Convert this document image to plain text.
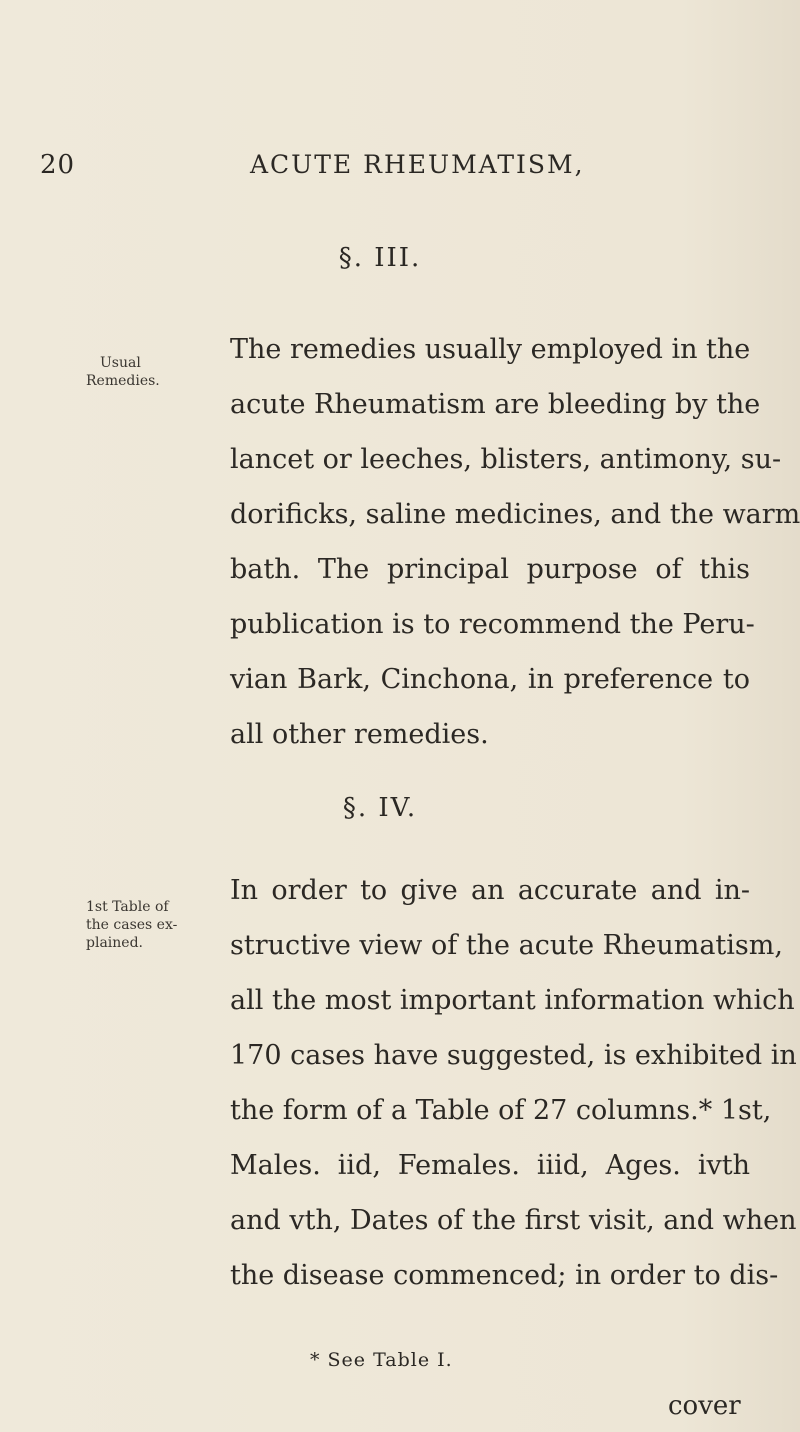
20	ACUTE RHEUMATISM,
§. III.
Usual
Remedies.

The remedies usually employed in the
acute Rheumatism are bleeding by the
lancet or leeches, blisters, antimony, su-
dorificks, saline medicines, and the warm
bath. The principal purpose of this
publication is to recommend the Peru-
vian Bark, Cinchona, in preference to
all other remedies.

§. IV.
1st Table of
the cases ex-
plained.

In order to give an accurate and in-
structive view of the acute Rheumatism,
all the most important information which
170 cases have suggested, is exhibited in
the form of a Table of 27 columns.* 1st,
Males. iid, Females. iiid, Ages. ivth
and vth, Dates of the first visit, and when
the disease commenced; in order to dis-

* See Table I.
cover
